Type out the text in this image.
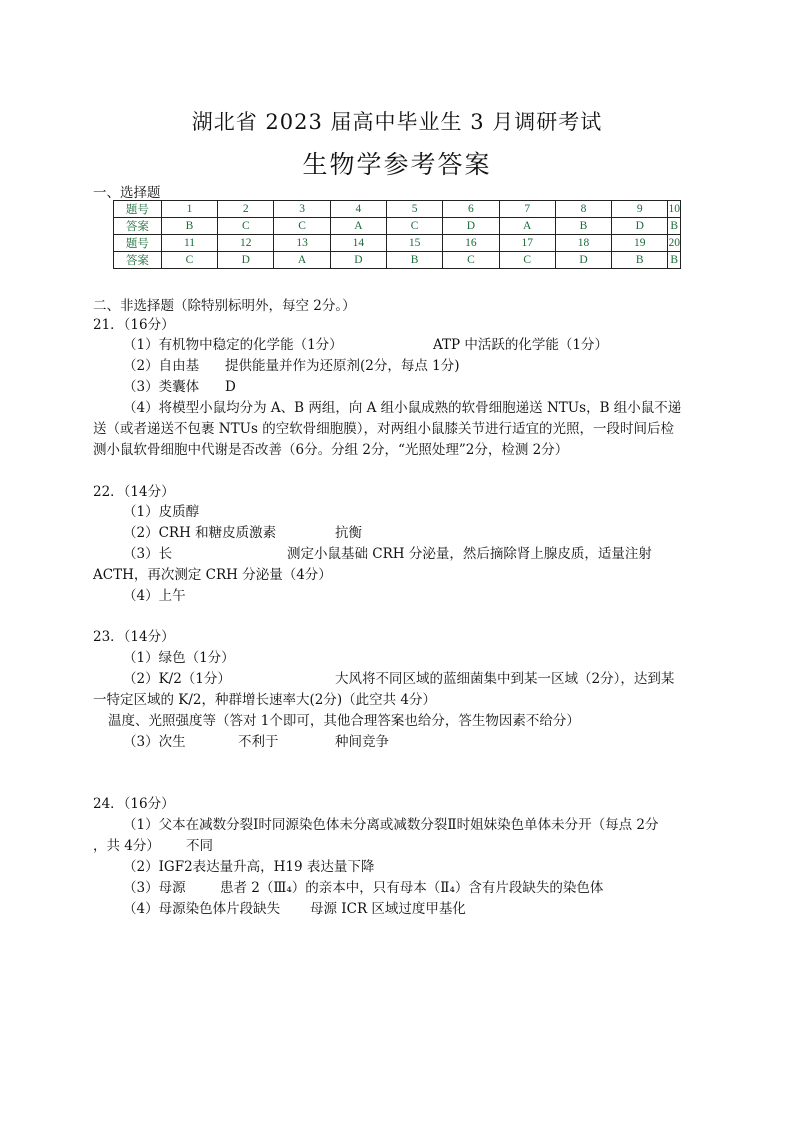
湖北省 2023 届高中毕业生 3 月调研考试
生物学参考答案
一、选择题
题号	1	2	3	4	5	6	7	8	9	10
答案	B	C	C	A	C	D	A	B	D	B
题号	11	12	13	14	15	16	17	18	19	20
答案	C	D	A	D	B	C	C	D	B	B
二、非选择题（除特别标明外，每空 2分。）
21．（16分）
（1）有机物中稳定的化学能（1分）	ATP 中活跃的化学能（1分）
（2）自由基 提供能量并作为还原剂(2分，每点 1分)
（3）类囊体 D
（4）将模型小鼠均分为 A、B 两组，向 A 组小鼠成熟的软骨细胞递送 NTUs，B 组小鼠不递
送（或者递送不包裹 NTUs 的空软骨细胞膜），对两组小鼠膝关节进行适宜的光照，一段时间后检
测小鼠软骨细胞中代谢是否改善（6分。分组 2分，“光照处理”2分，检测 2分）
22．（14分）
（1）皮质醇
（2）CRH 和糖皮质激素	抗衡
（3）长	测定小鼠基础 CRH 分泌量，然后摘除肾上腺皮质，适量注射
ACTH，再次测定 CRH 分泌量（4分）
（4）上午
23．（14分）
（1）绿色（1分）
（2）K/2（1分）	大风将不同区域的蓝细菌集中到某一区域（2分），达到某
一特定区域的 K/2，种群增长速率大(2分)（此空共 4分）
温度、光照强度等（答对 1个即可，其他合理答案也给分，答生物因素不给分）
（3）次生	不利于	种间竞争
24．（16分）
（1）父本在减数分裂Ⅰ时同源染色体未分离或减数分裂Ⅱ时姐妹染色单体未分开（每点 2分
，共 4分） 不同
（2）IGF2表达量升高，H19 表达量下降
（3）母源	患者 2（Ⅲ₄）的亲本中，只有母本（Ⅱ₄）含有片段缺失的染色体
（4）母源染色体片段缺失 母源 ICR 区域过度甲基化
